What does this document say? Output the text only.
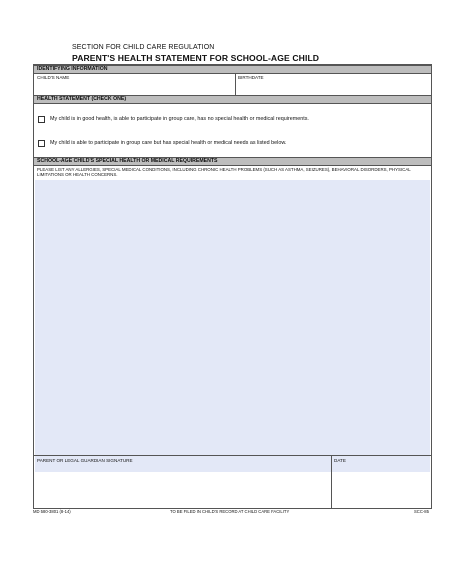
SECTION FOR CHILD CARE REGULATION
PARENT'S HEALTH STATEMENT FOR SCHOOL-AGE CHILD
IDENTIFYING INFORMATION
CHILD'S NAME	BIRTHDATE
HEALTH STATEMENT (CHECK ONE)
My child is in good health, is able to participate in group care, has no special health or medical requirements.
My child is able to participate in group care but has special health or medical needs as listed below.
SCHOOL-AGE CHILD'S SPECIAL HEALTH OR MEDICAL REQUIREMENTS
PLEASE LIST ANY ALLERGIES, SPECIAL MEDICAL CONDITIONS, INCLUDING CHRONIC HEALTH PROBLEMS (SUCH AS ASTHMA, SEIZURES), BEHAVIORAL DISORDERS, PHYSICAL LIMITATIONS OR HEALTH CONCERNS.
PARENT OR LEGAL GUARDIAN SIGNATURE	DATE
MD 580-3801 (8-14)	TO BE FILED IN CHILD'S RECORD AT CHILD CARE FACILITY	SCC-85
